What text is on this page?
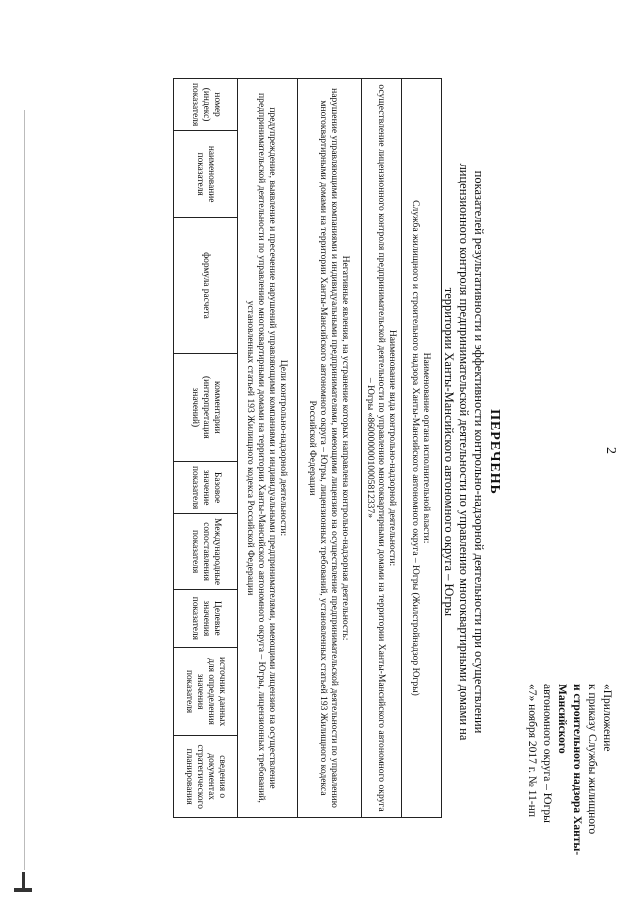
2
«Приложение
к приказу Службы жилищного
и строительного надзора Ханты-Мансийского
автономного округа – Югры
«7» ноября 2017 г. № 11-нп
ПЕРЕЧЕНЬ
показателей результативности и эффективности контрольно-надзорной деятельности при осуществлении
лицензионного контроля предпринимательской деятельности по управлению многоквартирными домами на
территории Ханты-Мансийского автономного округа – Югры
Наименование органа исполнительной власти:
Служба жилищного и строительного надзора Ханты-Мансийского автономного округа – Югры (Жилстройнадзор Югры)

Наименование вида контрольно-надзорной деятельности:
осуществление лицензионного контроля предпринимательской деятельности по управлению многоквартирными домами на территории Ханты-Мансийского автономного округа – Югры «86000000010005812337»

Негативные явления, на устранение которых направлена контрольно-надзорная деятельность:
нарушение управляющими компаниями и индивидуальными предпринимателями, имеющими лицензию на осуществление предпринимательской деятельности по управлению многоквартирными домами на территории Ханты-Мансийского автономного округа – Югры, лицензионных требований, установленных статьей 193 Жилищного кодекса Российской Федерации

Цели контрольно-надзорной деятельности:
предупреждение, выявление и пресечение нарушений управляющими компаниями и индивидуальными предпринимателями, имеющими лицензию на осуществление предпринимательской деятельности по управлению многоквартирными домами на территории Ханты-Мансийского автономного округа – Югры, лицензионных требований, установленных статьей 193 Жилищного кодекса Российской Федерации

номер (индекс) показателя	наименование показателя	формула расчета	комментарии (интерпретация значений)	Базовое значение показателя	Международные сопоставления показателя	Целевые значения показателя	источник данных для определения значения показателя	сведения о документах стратегического планирования
